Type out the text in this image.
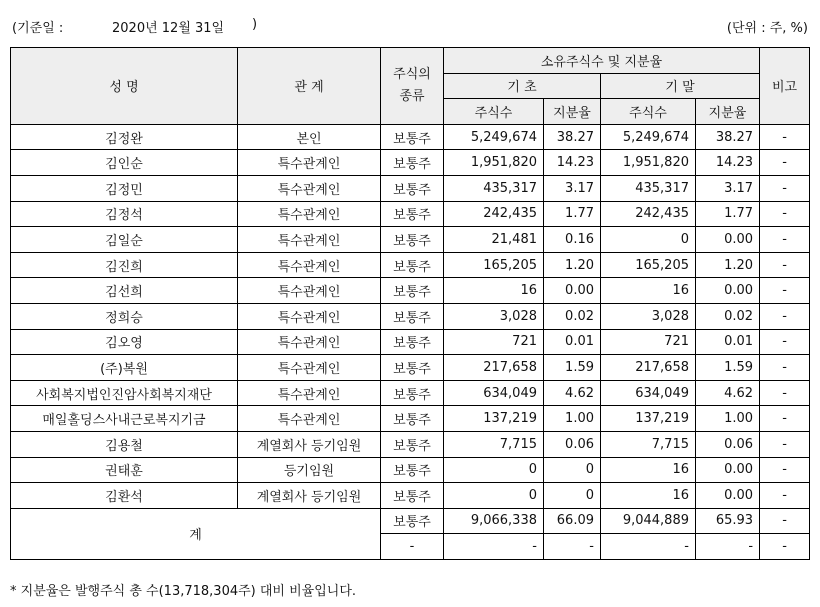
(기준일 :	2020년 12월 31일 )	(단위 : 주, %)
성 명	관 계	주식의 종류	소유주식수 및 지분율				비고
			기 초		기 말		
			주식수	지분율	주식수	지분율	
김정완	본인	보통주	5,249,674	38.27	5,249,674	38.27	-
김인순	특수관계인	보통주	1,951,820	14.23	1,951,820	14.23	-
김정민	특수관계인	보통주	435,317	3.17	435,317	3.17	-
김정석	특수관계인	보통주	242,435	1.77	242,435	1.77	-
김일순	특수관계인	보통주	21,481	0.16	0	0.00	-
김진희	특수관계인	보통주	165,205	1.20	165,205	1.20	-
김선희	특수관계인	보통주	16	0.00	16	0.00	-
정희승	특수관계인	보통주	3,028	0.02	3,028	0.02	-
김오영	특수관계인	보통주	721	0.01	721	0.01	-
(주)복원	특수관계인	보통주	217,658	1.59	217,658	1.59	-
사회복지법인진암사회복지재단	특수관계인	보통주	634,049	4.62	634,049	4.62	-
매일홀딩스사내근로복지기금	특수관계인	보통주	137,219	1.00	137,219	1.00	-
김용철	계열회사 등기임원	보통주	7,715	0.06	7,715	0.06	-
권태훈	등기임원	보통주	0	0	16	0.00	-
김환석	계열회사 등기임원	보통주	0	0	16	0.00	-
계		보통주	9,066,338	66.09	9,044,889	65.93	-
		-	-	-	-	-	-
* 지분율은 발행주식 총 수(13,718,304주) 대비 비율입니다.
